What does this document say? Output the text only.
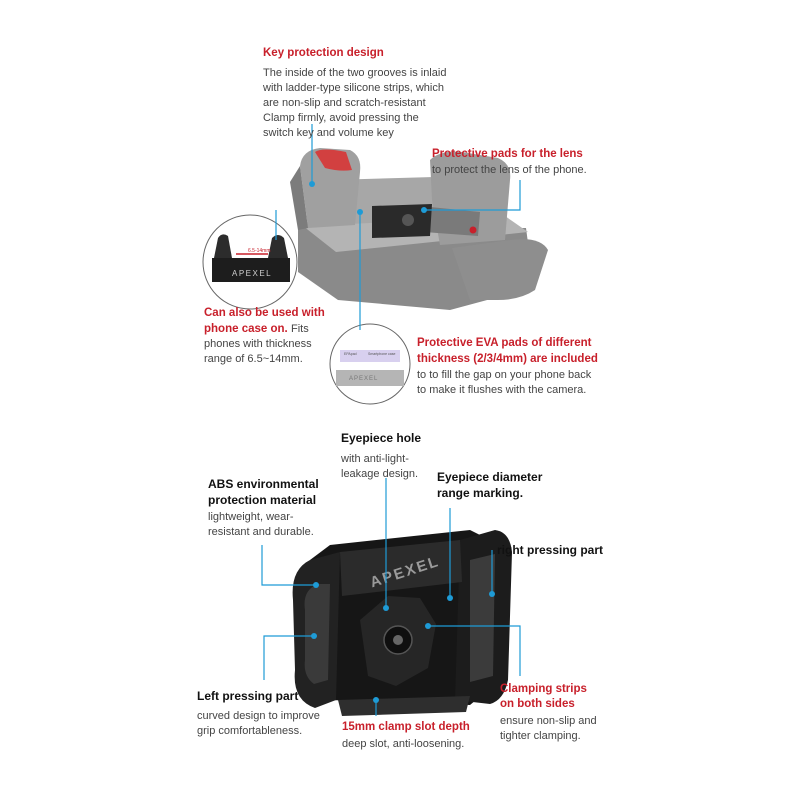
6.5-14mm
APEXEL
APEXEL
EPApad	Smartphone case
APEXEL
Key protection design
The inside of the two grooves is inlaid
with ladder-type silicone strips, which
are non-slip and scratch-resistant
Clamp firmly, avoid pressing the
switch key and volume key
Protective pads for the lens
to protect the lens of the phone.
Can also be used with
phone case on. Fits
phones with thickness
range of 6.5~14mm.
Protective EVA pads of different
thickness (2/3/4mm) are included
to to fill the gap on your phone back
to make it flushes with the camera.
Eyepiece hole
with anti-light-
leakage design. Eyepiece diameter
range marking.
ABS environmental
protection material
lightweight, wear-
resistant and durable.
right pressing part
Left pressing part
curved design to improve
grip comfortableness.	15mm clamp slot depth
deep slot, anti-loosening.
Clamping strips
on both sides
ensure non-slip and
tighter clamping.
